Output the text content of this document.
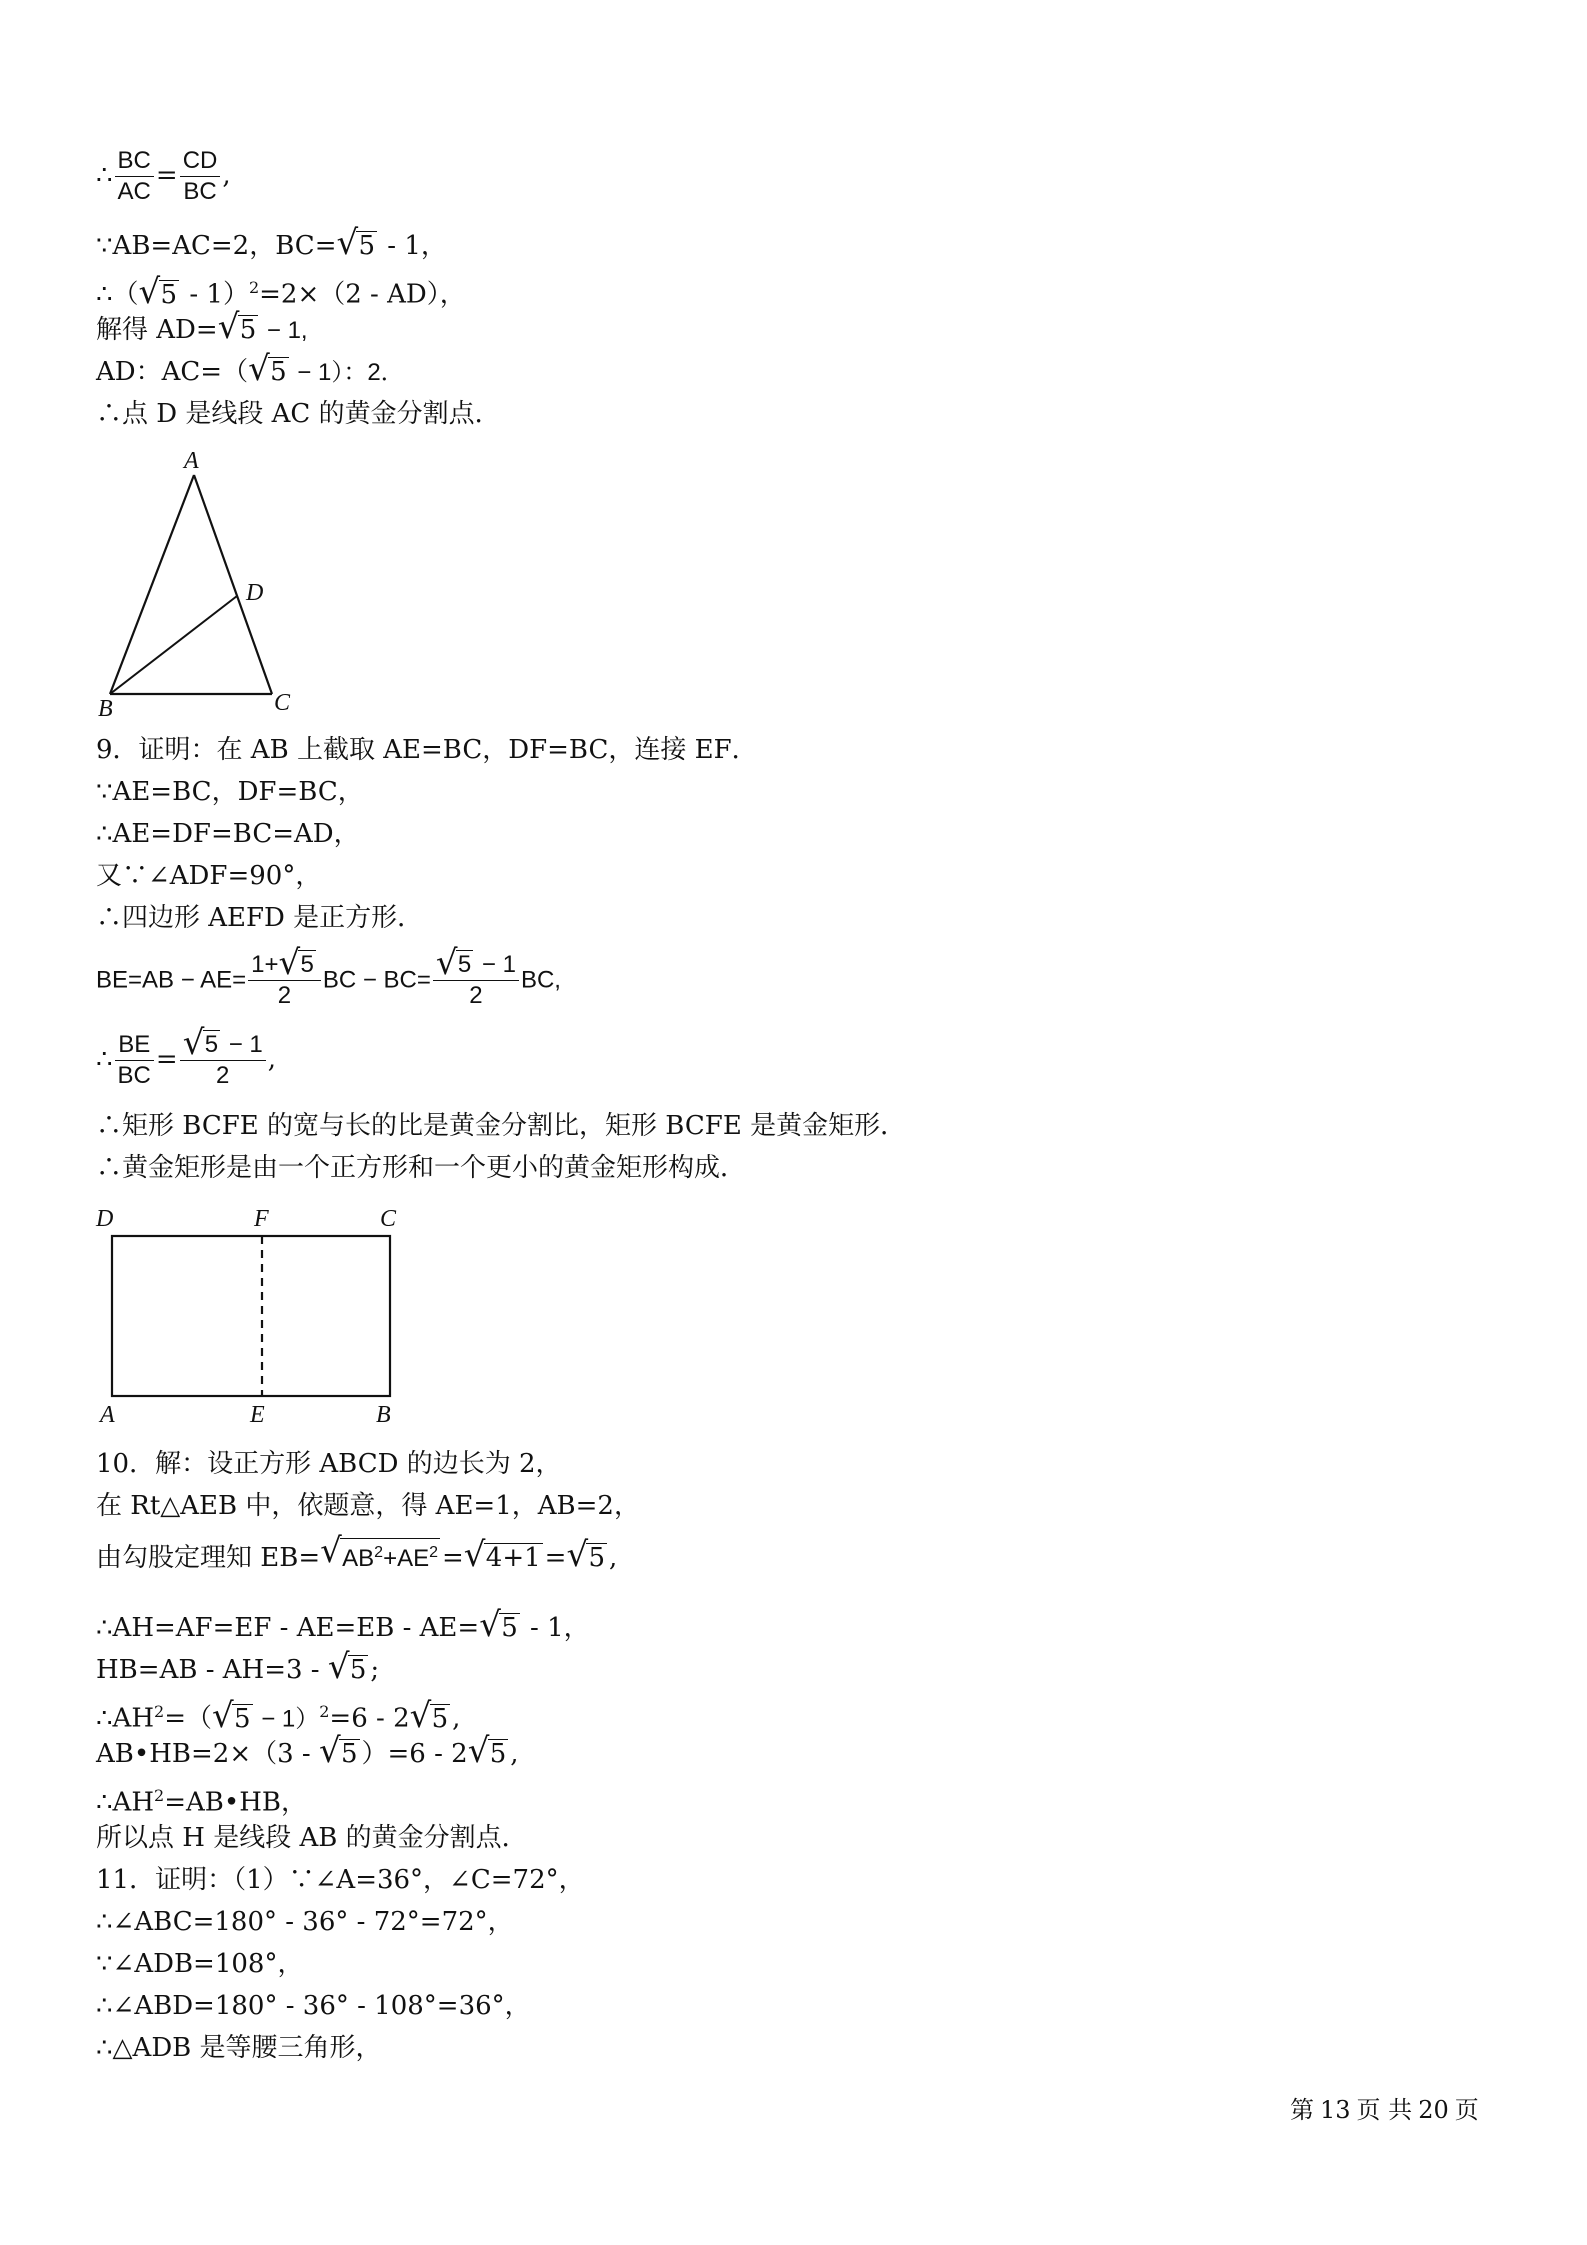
∴ $\frac{BC}{AC} = \frac{CD}{BC}$ ,
∵AB=AC=2，BC= √ 5 - 1，
∴（ √ 5 - 1）$^2$=2×（2 - AD），
解得 AD= √ 5 − 1,
AD：AC=（ √ 5 − 1）：2．
∴点 D 是线段 AC 的黄金分割点．
A
B	C
D
9．证明：在 AB 上截取 AE=BC，DF=BC，连接 EF．
∵AE=BC，DF=BC，
∴AE=DF=BC=AD，
又∵∠ADF=90°，
∴四边形 AEFD 是正方形．
$BE=AB - AE= \frac{1+ √ 5}{2}$ BC − $BC= \frac{√ 5 - 1}{2}$ BC,
∴ $\frac{BE}{BC} = \frac{√ 5 - 1}{2}$ ,
∴矩形 BCFE 的宽与长的比是黄金分割比，矩形 BCFE 是黄金矩形．
∴黄金矩形是由一个正方形和一个更小的黄金矩形构成．
D	F	C
A	E	B
10．解：设正方形 ABCD 的边长为 2，
在 Rt△AEB 中，依题意，得 AE=1，AB=2，
由勾股定理知 EB= √ $AB^2+AE^2$ = √ 4+1 = √ 5 ,
∴AH=AF=EF - AE=EB - AE= √ 5 - 1，
HB=AB - AH=3 - √ 5 ;
$\therefore AH^2=$（ √ 5 − 1）$^2$=6 - 2 √ 5 ,
AB•HB=2×（3 - √ 5 ）=6 - 2 √ 5 ,
$\therefore AH^2=AB•HB$，
所以点 H 是线段 AB 的黄金分割点．
11．证明：（1）∵∠A=36°，∠C=72°，
∴∠ABC=180° - 36° - 72°=72°，
∵∠ADB=108°，
∴∠ABD=180° - 36° - 108°=36°，
∴△ADB 是等腰三角形，
第 13 页 共 20 页
